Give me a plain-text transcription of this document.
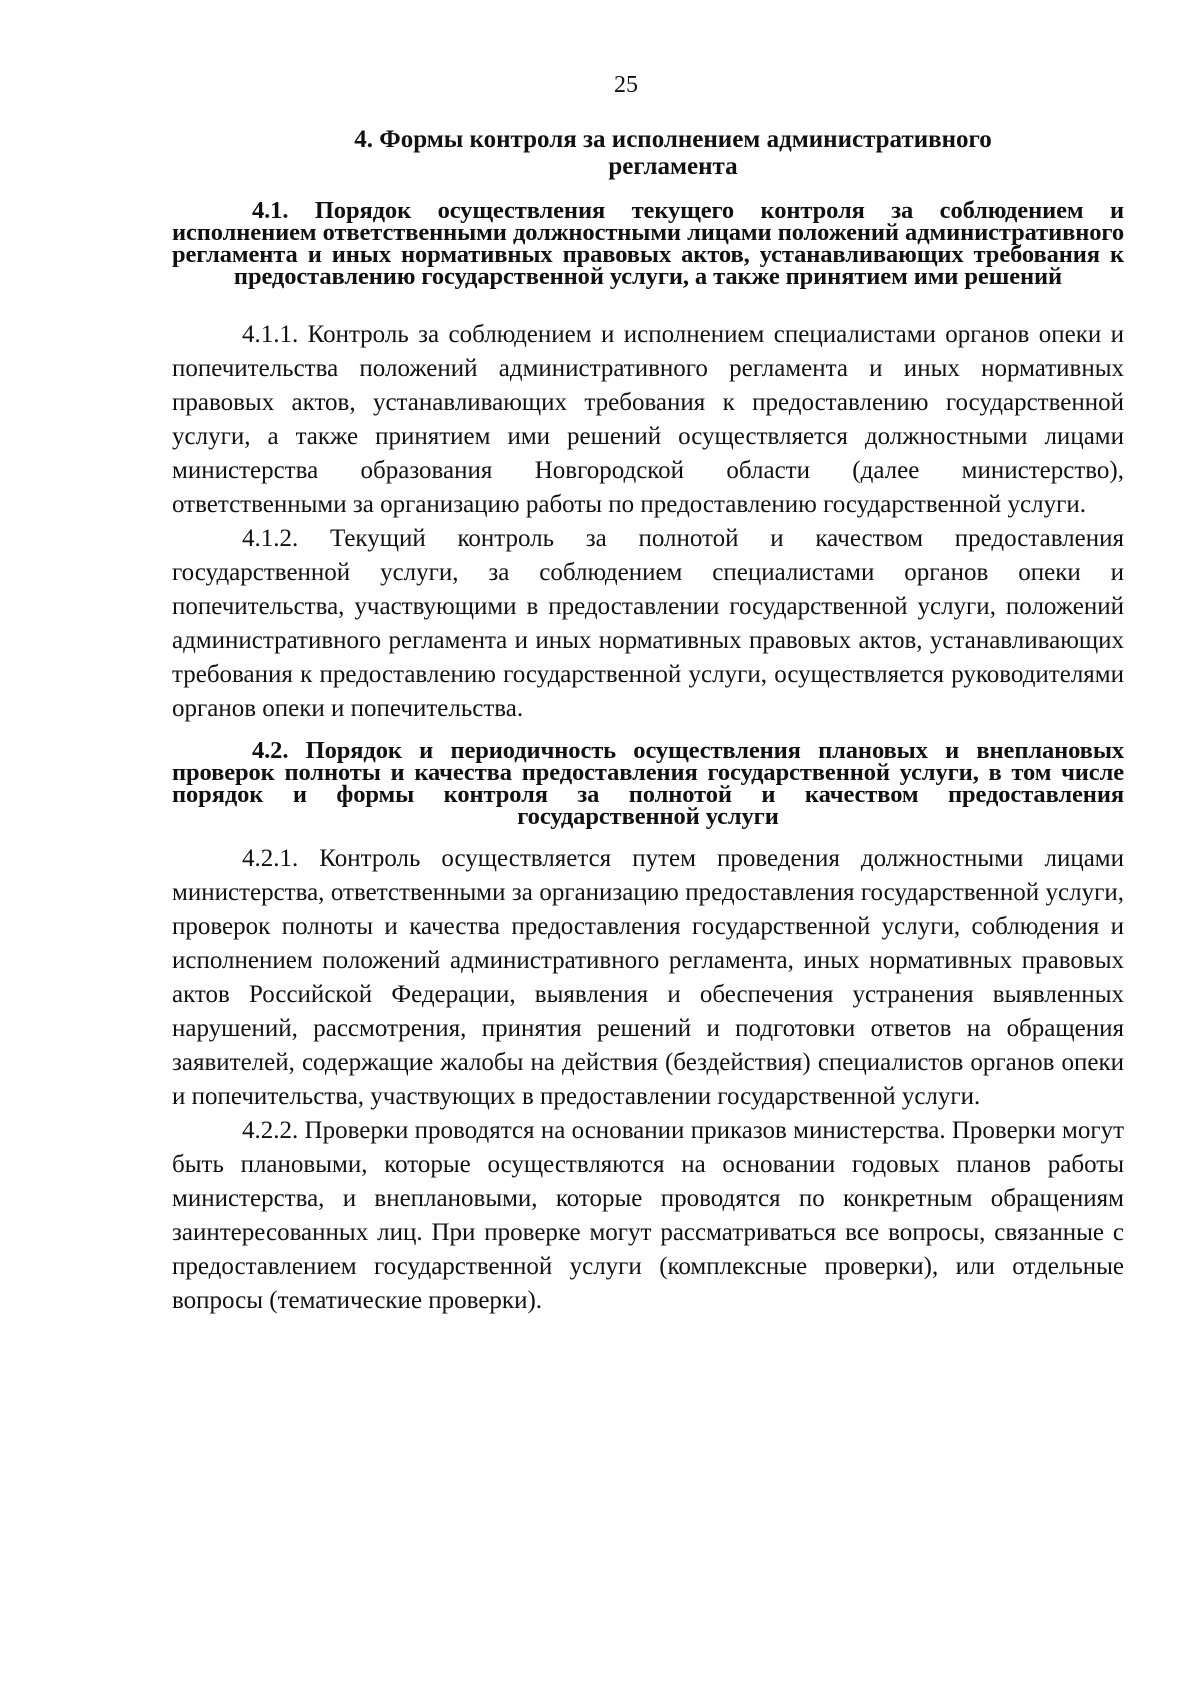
25
4. Формы контроля за исполнением административного
регламента
4.1. Порядок осуществления текущего контроля за соблюдением и исполнением ответственными должностными лицами положений административного регламента и иных нормативных правовых актов, устанавливающих требования к предоставлению государственной услуги, а также принятием ими решений

4.1.1. Контроль за соблюдением и исполнением специалистами органов опеки и попечительства положений административного регламента и иных нормативных правовых актов, устанавливающих требования к предоставлению государственной услуги, а также принятием ими решений осуществляется должностными лицами министерства образования Новгородской области (далее министерство), ответственными за организацию работы по предоставлению государственной услуги.

4.1.2. Текущий контроль за полнотой и качеством предоставления государственной услуги, за соблюдением специалистами органов опеки и попечительства, участвующими в предоставлении государственной услуги, положений административного регламента и иных нормативных правовых актов, устанавливающих требования к предоставлению государственной услуги, осуществляется руководителями органов опеки и попечительства.

4.2. Порядок и периодичность осуществления плановых и внеплановых проверок полноты и качества предоставления государственной услуги, в том числе порядок и формы контроля за полнотой и качеством предоставления государственной услуги

4.2.1. Контроль осуществляется путем проведения должностными лицами министерства, ответственными за организацию предоставления государственной услуги, проверок полноты и качества предоставления государственной услуги, соблюдения и исполнением положений административного регламента, иных нормативных правовых актов Российской Федерации, выявления и обеспечения устранения выявленных нарушений, рассмотрения, принятия решений и подготовки ответов на обращения заявителей, содержащие жалобы на действия (бездействия) специалистов органов опеки и попечительства, участвующих в предоставлении государственной услуги.

4.2.2. Проверки проводятся на основании приказов министерства. Проверки могут быть плановыми, которые осуществляются на основании годовых планов работы министерства, и внеплановыми, которые проводятся по конкретным обращениям заинтересованных лиц. При проверке могут рассматриваться все вопросы, связанные с предоставлением государственной услуги (комплексные проверки), или отдельные вопросы (тематические проверки).
